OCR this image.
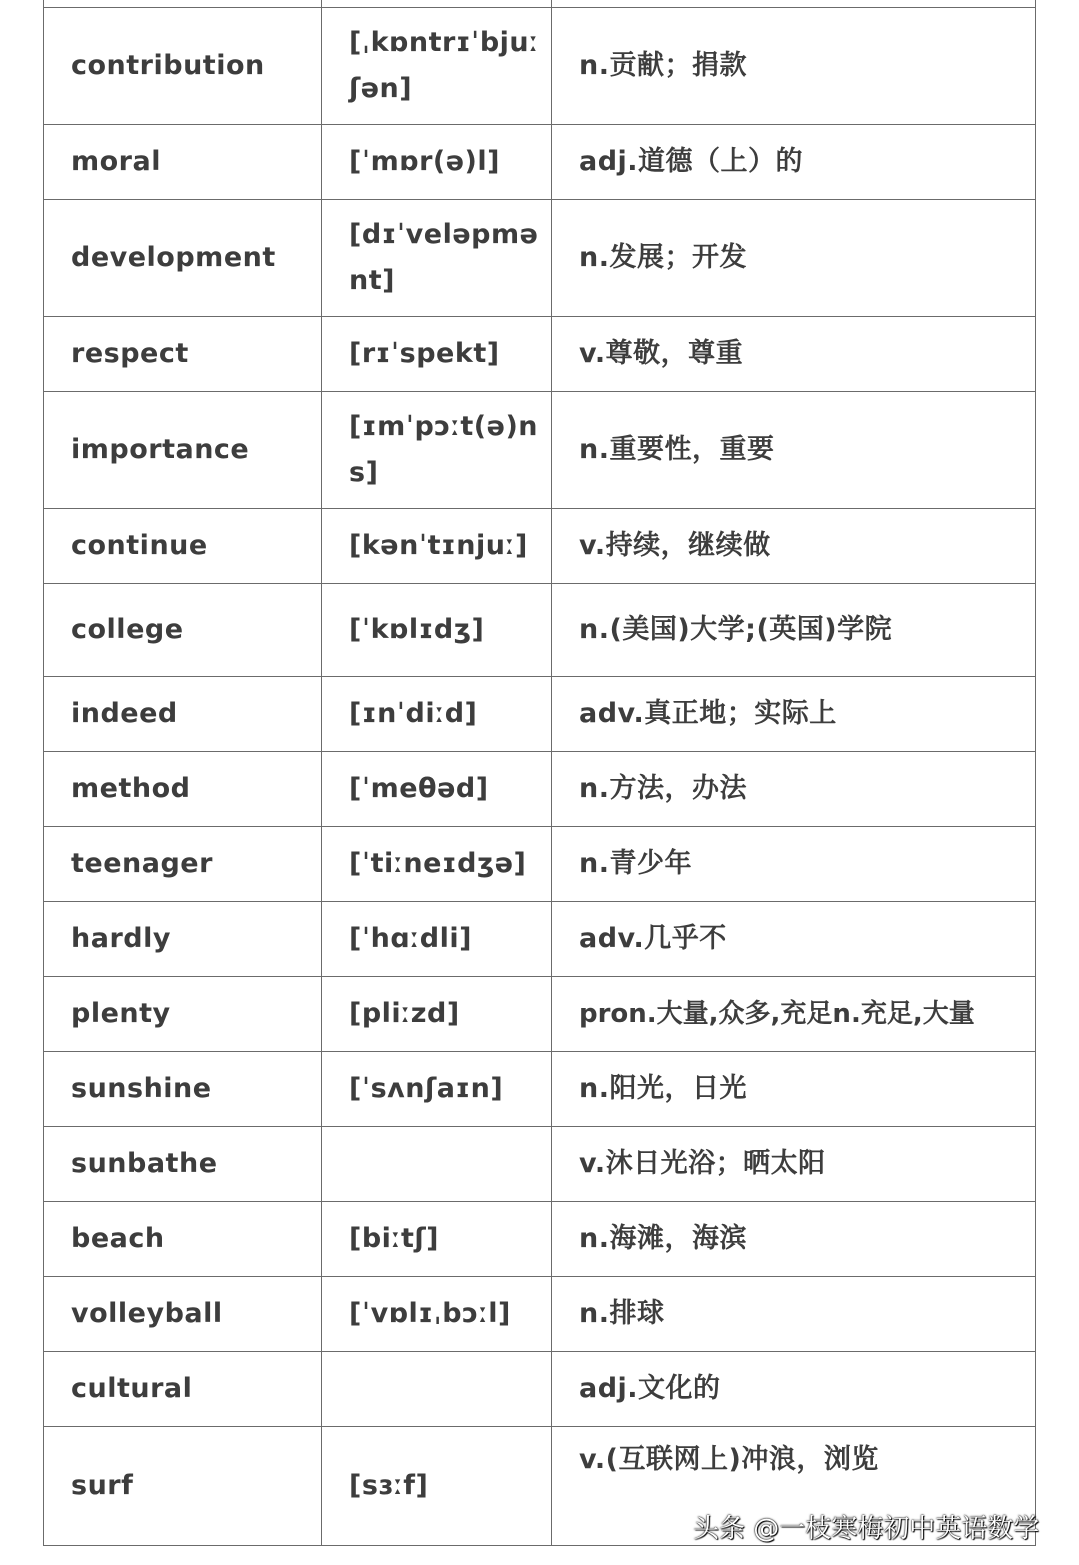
contribution	[ˌkɒntrɪˈbjuː ʃən]	n.贡献；捐款
moral	[ˈmɒr(ə)l]	adj.道德（上）的
development	[dɪˈveləpmə nt]	n.发展；开发
respect	[rɪˈspekt]	v.尊敬，尊重
importance	[ɪmˈpɔːt(ə)n s]	n.重要性，重要
continue	[kənˈtɪnjuː]	v.持续，继续做
college	[ˈkɒlɪdʒ]	n.(美国)大学;(英国)学院
indeed	[ɪnˈdiːd]	adv.真正地；实际上
method	[ˈmeθəd]	n.方法，办法
teenager	[ˈtiːneɪdʒə]	n.青少年
hardly	[ˈhɑːdli]	adv.几乎不
plenty	[pliːzd]	pron.大量,众多,充足n.充足,大量
sunshine	[ˈsʌnʃaɪn]	n.阳光，日光
sunbathe		v.沐日光浴；晒太阳
beach	[biːtʃ]	n.海滩，海滨
volleyball	[ˈvɒlɪˌbɔːl]	n.排球
cultural		adj.文化的
surf	[sɜːf]	v.(互联网上)冲浪，浏览
头条 @一枝寒梅初中英语数学
